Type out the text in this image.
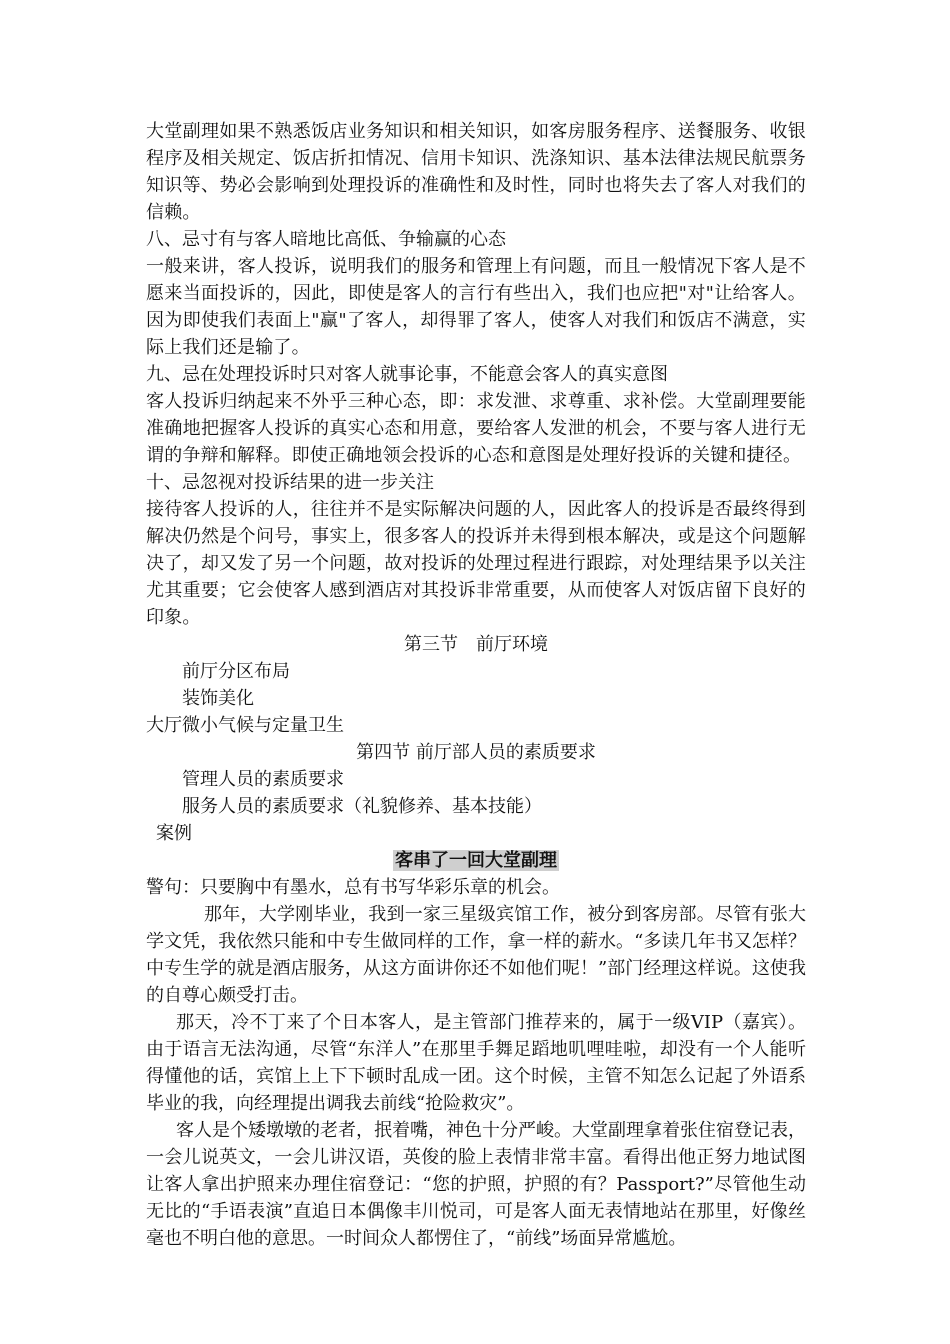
大堂副理如果不熟悉饭店业务知识和相关知识，如客房服务程序、送餐服务、收银程序及相关规定、饭店折扣情况、信用卡知识、洗涤知识、基本法律法规民航票务知识等、势必会影响到处理投诉的准确性和及时性，同时也将失去了客人对我们的信赖。

八、忌寸有与客人暗地比高低、争输赢的心态

一般来讲，客人投诉，说明我们的服务和管理上有问题，而且一般情况下客人是不愿来当面投诉的，因此，即使是客人的言行有些出入，我们也应把"对"让给客人。因为即使我们表面上"赢"了客人，却得罪了客人，使客人对我们和饭店不满意，实际上我们还是输了。

九、忌在处理投诉时只对客人就事论事，不能意会客人的真实意图

客人投诉归纳起来不外乎三种心态，即：求发泄、求尊重、求补偿。大堂副理要能准确地把握客人投诉的真实心态和用意，要给客人发泄的机会，不要与客人进行无谓的争辩和解释。即使正确地领会投诉的心态和意图是处理好投诉的关键和捷径。

十、忌忽视对投诉结果的进一步关注

接待客人投诉的人，往往并不是实际解决问题的人，因此客人的投诉是否最终得到解决仍然是个问号，事实上，很多客人的投诉并未得到根本解决，或是这个问题解决了，却又发了另一个问题，故对投诉的处理过程进行跟踪，对处理结果予以关注尤其重要；它会使客人感到酒店对其投诉非常重要，从而使客人对饭店留下良好的印象。

第三节　前厅环境

前厅分区布局

装饰美化

大厅微小气候与定量卫生

第四节 前厅部人员的素质要求

管理人员的素质要求

服务人员的素质要求（礼貌修养、基本技能）

案例

客串了一回大堂副理

警句：只要胸中有墨水，总有书写华彩乐章的机会。

那年，大学刚毕业，我到一家三星级宾馆工作，被分到客房部。尽管有张大学文凭，我依然只能和中专生做同样的工作，拿一样的薪水。“多读几年书又怎样？中专生学的就是酒店服务，从这方面讲你还不如他们呢！”部门经理这样说。这使我的自尊心颇受打击。

那天，冷不丁来了个日本客人，是主管部门推荐来的，属于一级VIP（嘉宾）。由于语言无法沟通，尽管“东洋人”在那里手舞足蹈地叽哩哇啦，却没有一个人能听得懂他的话，宾馆上上下下顿时乱成一团。这个时候，主管不知怎么记起了外语系毕业的我，向经理提出调我去前线“抢险救灾”。

客人是个矮墩墩的老者，抿着嘴，神色十分严峻。大堂副理拿着张住宿登记表，一会儿说英文，一会儿讲汉语，英俊的脸上表情非常丰富。看得出他正努力地试图让客人拿出护照来办理住宿登记：“您的护照，护照的有？Passport?”尽管他生动无比的“手语表演”直追日本偶像丰川悦司，可是客人面无表情地站在那里，好像丝毫也不明白他的意思。一时间众人都愣住了，“前线”场面异常尴尬。
